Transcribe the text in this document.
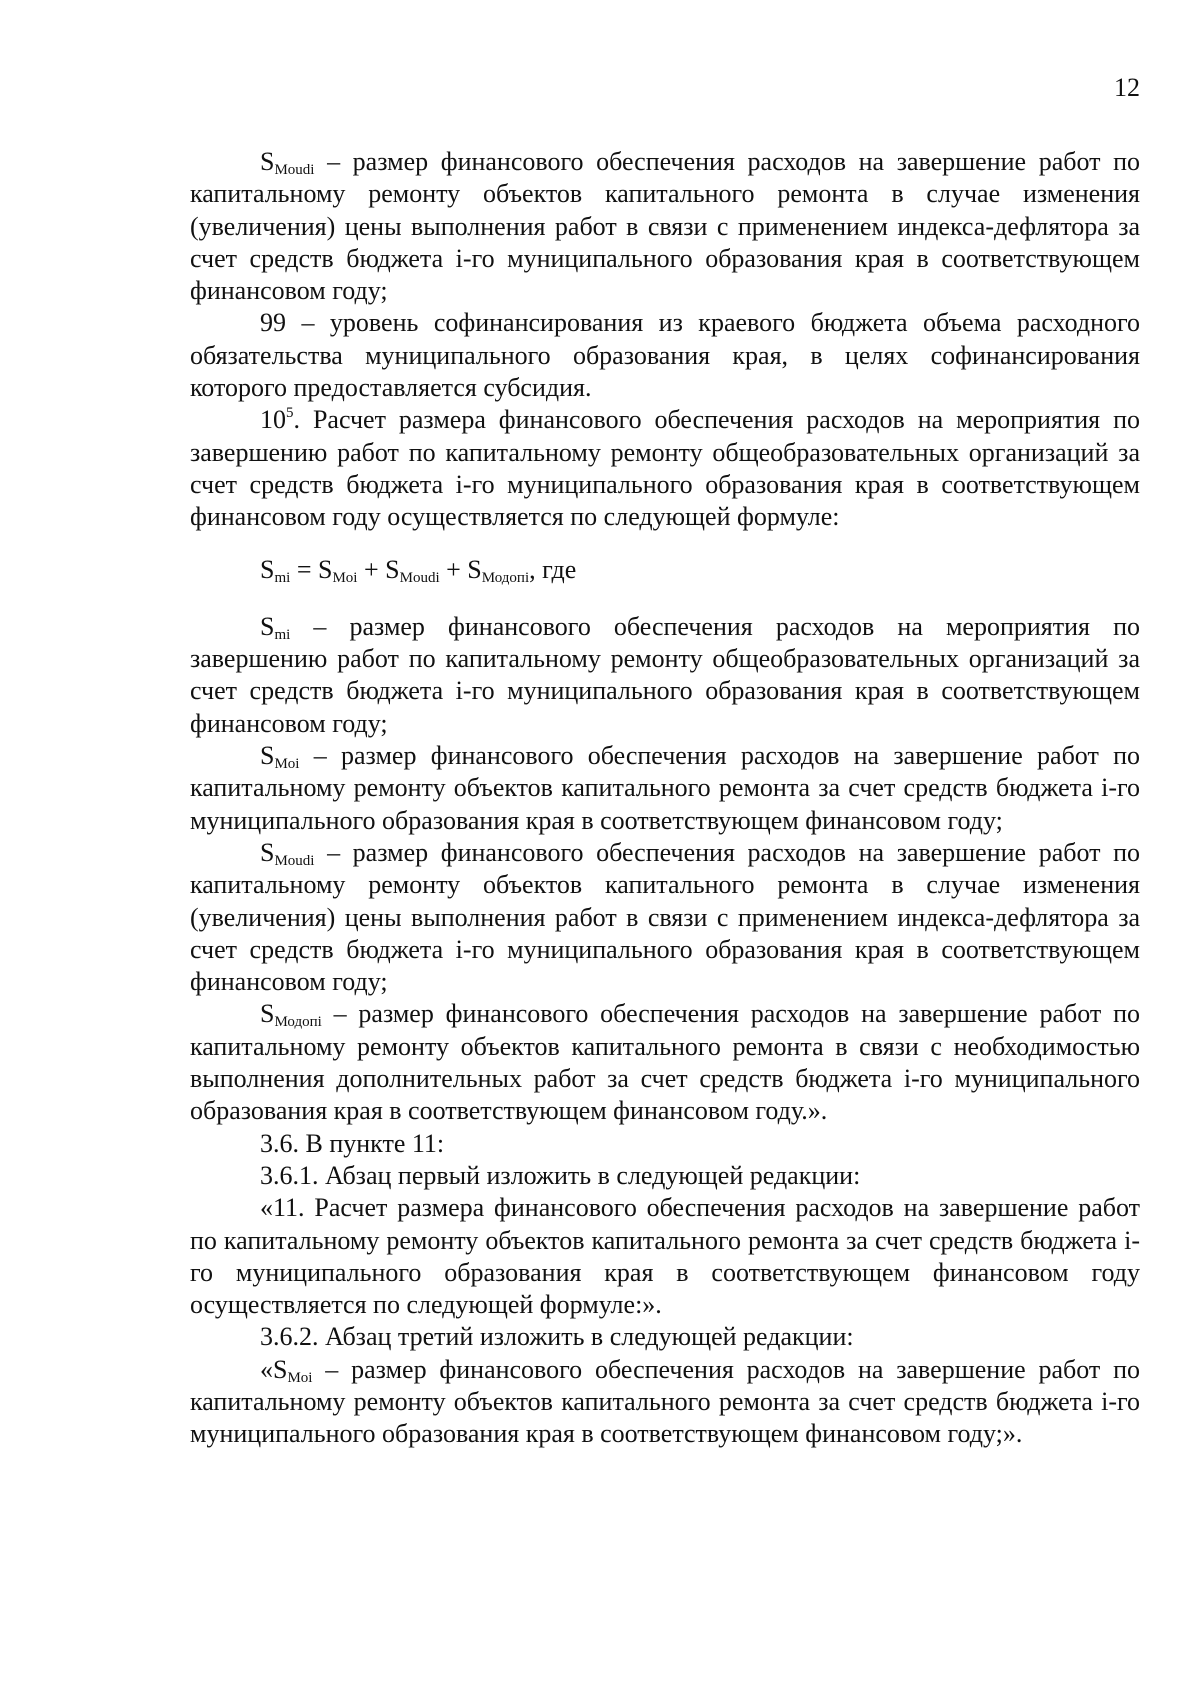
12

$S_{Moudi}$ – размер финансового обеспечения расходов на завершение работ по капитальному ремонту объектов капитального ремонта в случае изменения (увеличения) цены выполнения работ в связи с применением индекса-дефлятора за счет средств бюджета i-го муниципального образования края в соответствующем финансовом году;

99 – уровень софинансирования из краевого бюджета объема расходного обязательства муниципального образования края, в целях софинансирования которого предоставляется субсидия.

$10^5$. Расчет размера финансового обеспечения расходов на мероприятия по завершению работ по капитальному ремонту общеобразовательных организаций за счет средств бюджета i-го муниципального образования края в соответствующем финансовом году осуществляется по следующей формуле:

$S_{mi} = S_{Moi} + S_{Moudi} + S_{Модопi}$, где

$S_{mi}$ – размер финансового обеспечения расходов на мероприятия по завершению работ по капитальному ремонту общеобразовательных организаций за счет средств бюджета i-го муниципального образования края в соответствующем финансовом году;

$S_{Moi}$ – размер финансового обеспечения расходов на завершение работ по капитальному ремонту объектов капитального ремонта за счет средств бюджета i-го муниципального образования края в соответствующем финансовом году;

$S_{Moudi}$ – размер финансового обеспечения расходов на завершение работ по капитальному ремонту объектов капитального ремонта в случае изменения (увеличения) цены выполнения работ в связи с применением индекса-дефлятора за счет средств бюджета i-го муниципального образования края в соответствующем финансовом году;

$S_{Модопi}$ – размер финансового обеспечения расходов на завершение работ по капитальному ремонту объектов капитального ремонта в связи с необходимостью выполнения дополнительных работ за счет средств бюджета i-го муниципального образования края в соответствующем финансовом году.».

3.6. В пункте 11:

3.6.1. Абзац первый изложить в следующей редакции:

«11. Расчет размера финансового обеспечения расходов на завершение работ по капитальному ремонту объектов капитального ремонта за счет средств бюджета i-го муниципального образования края в соответствующем финансовом году осуществляется по следующей формуле:».

3.6.2. Абзац третий изложить в следующей редакции:

«$S_{Moi}$ – размер финансового обеспечения расходов на завершение работ по капитальному ремонту объектов капитального ремонта за счет средств бюджета i-го муниципального образования края в соответствующем финансовом году;».
